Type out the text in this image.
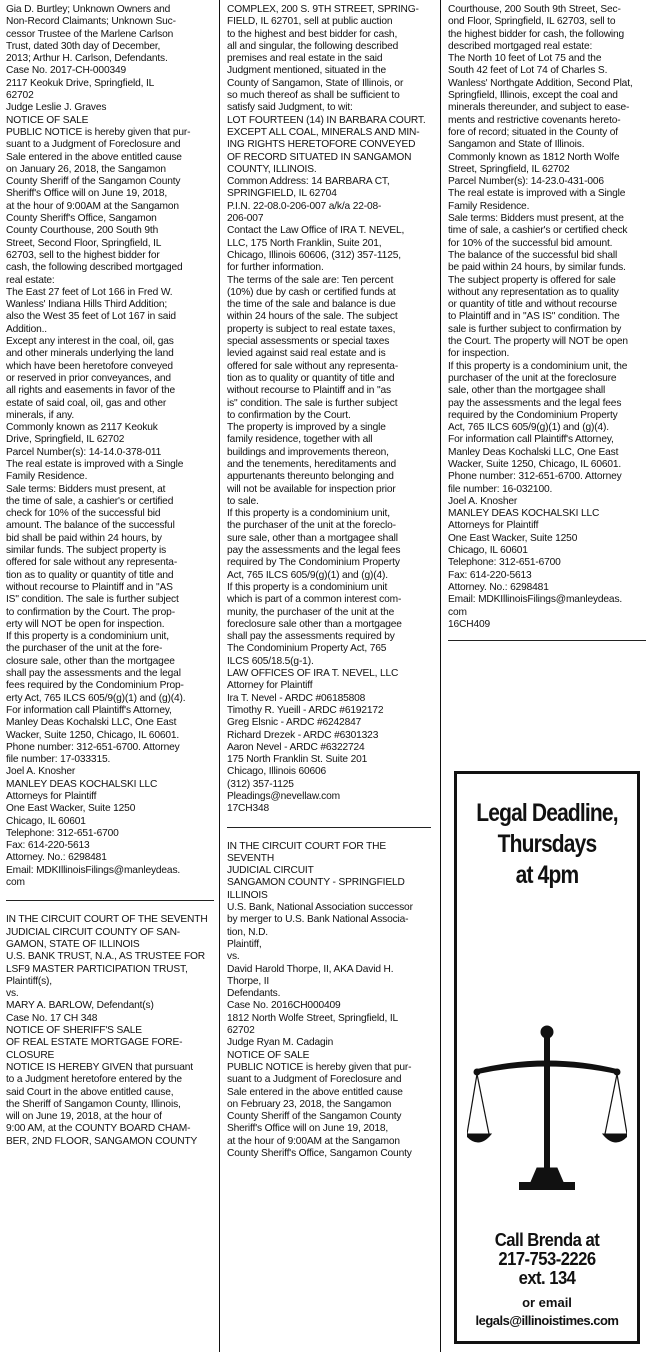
Gia D. Burtley; Unknown Owners and
Non-Record Claimants; Unknown Suc-
cessor Trustee of the Marlene Carlson
Trust, dated 30th day of December,
2013; Arthur H. Carlson, Defendants.
Case No. 2017-CH-000349
2117 Keokuk Drive, Springfield, IL
62702
Judge Leslie J. Graves
NOTICE OF SALE
PUBLIC NOTICE is hereby given that pur-
suant to a Judgment of Foreclosure and
Sale entered in the above entitled cause
on January 26, 2018, the Sangamon
County Sheriff of the Sangamon County
Sheriff's Office will on June 19, 2018,
at the hour of 9:00AM at the Sangamon
County Sheriff's Office, Sangamon
County Courthouse, 200 South 9th
Street, Second Floor, Springfield, IL
62703, sell to the highest bidder for
cash, the following described mortgaged
real estate:
The East 27 feet of Lot 166 in Fred W.
Wanless' Indiana Hills Third Addition;
also the West 35 feet of Lot 167 in said
Addition..
Except any interest in the coal, oil, gas
and other minerals underlying the land
which have been heretofore conveyed
or reserved in prior conveyances, and
all rights and easements in favor of the
estate of said coal, oil, gas and other
minerals, if any.
Commonly known as 2117 Keokuk
Drive, Springfield, IL 62702
Parcel Number(s): 14-14.0-378-011
The real estate is improved with a Single
Family Residence.
Sale terms: Bidders must present, at
the time of sale, a cashier's or certified
check for 10% of the successful bid
amount. The balance of the successful
bid shall be paid within 24 hours, by
similar funds. The subject property is
offered for sale without any representa-
tion as to quality or quantity of title and
without recourse to Plaintiff and in "AS
IS" condition. The sale is further subject
to confirmation by the Court. The prop-
erty will NOT be open for inspection.
If this property is a condominium unit,
the purchaser of the unit at the fore-
closure sale, other than the mortgagee
shall pay the assessments and the legal
fees required by the Condominium Prop-
erty Act, 765 ILCS 605/9(g)(1) and (g)(4).
For information call Plaintiff's Attorney,
Manley Deas Kochalski LLC, One East
Wacker, Suite 1250, Chicago, IL 60601.
Phone number: 312-651-6700. Attorney
file number: 17-033315.
Joel A. Knosher
MANLEY DEAS KOCHALSKI LLC
Attorneys for Plaintiff
One East Wacker, Suite 1250
Chicago, IL 60601
Telephone: 312-651-6700
Fax: 614-220-5613
Attorney. No.: 6298481
Email: MDKIllinoisFilings@manleydeas.
com

IN THE CIRCUIT COURT OF THE SEVENTH
JUDICIAL CIRCUIT COUNTY OF SAN-
GAMON, STATE OF ILLINOIS
U.S. BANK TRUST, N.A., AS TRUSTEE FOR
LSF9 MASTER PARTICIPATION TRUST,
Plaintiff(s),
vs.
MARY A. BARLOW, Defendant(s)
Case No. 17 CH 348
NOTICE OF SHERIFF'S SALE
OF REAL ESTATE MORTGAGE FORE-
CLOSURE
NOTICE IS HEREBY GIVEN that pursuant
to a Judgment heretofore entered by the
said Court in the above entitled cause,
the Sheriff of Sangamon County, Illinois,
will on June 19, 2018, at the hour of
9:00 AM, at the COUNTY BOARD CHAM-
BER, 2ND FLOOR, SANGAMON COUNTY

COMPLEX, 200 S. 9TH STREET, SPRING-
FIELD, IL 62701, sell at public auction
to the highest and best bidder for cash,
all and singular, the following described
premises and real estate in the said
Judgment mentioned, situated in the
County of Sangamon, State of Illinois, or
so much thereof as shall be sufficient to
satisfy said Judgment, to wit:
LOT FOURTEEN (14) IN BARBARA COURT.
EXCEPT ALL COAL, MINERALS AND MIN-
ING RIGHTS HERETOFORE CONVEYED
OF RECORD SITUATED IN SANGAMON
COUNTY, ILLINOIS.
Common Address: 14 BARBARA CT,
SPRINGFIELD, IL 62704
P.I.N. 22-08.0-206-007 a/k/a 22-08-
206-007
Contact the Law Office of IRA T. NEVEL,
LLC, 175 North Franklin, Suite 201,
Chicago, Illinois 60606, (312) 357-1125,
for further information.
The terms of the sale are: Ten percent
(10%) due by cash or certified funds at
the time of the sale and balance is due
within 24 hours of the sale. The subject
property is subject to real estate taxes,
special assessments or special taxes
levied against said real estate and is
offered for sale without any representa-
tion as to quality or quantity of title and
without recourse to Plaintiff and in "as
is" condition. The sale is further subject
to confirmation by the Court.
The property is improved by a single
family residence, together with all
buildings and improvements thereon,
and the tenements, hereditaments and
appurtenants thereunto belonging and
will not be available for inspection prior
to sale.
If this property is a condominium unit,
the purchaser of the unit at the foreclo-
sure sale, other than a mortgagee shall
pay the assessments and the legal fees
required by The Condominium Property
Act, 765 ILCS 605/9(g)(1) and (g)(4).
If this property is a condominium unit
which is part of a common interest com-
munity, the purchaser of the unit at the
foreclosure sale other than a mortgagee
shall pay the assessments required by
The Condominium Property Act, 765
ILCS 605/18.5(g-1).
LAW OFFICES OF IRA T. NEVEL, LLC
Attorney for Plaintiff
Ira T. Nevel - ARDC #06185808
Timothy R. Yueill - ARDC #6192172
Greg Elsnic - ARDC #6242847
Richard Drezek - ARDC #6301323
Aaron Nevel - ARDC #6322724
175 North Franklin St. Suite 201
Chicago, Illinois 60606
(312) 357-1125
Pleadings@nevellaw.com
17CH348

IN THE CIRCUIT COURT FOR THE SEVENTH
JUDICIAL CIRCUIT
SANGAMON COUNTY - SPRINGFIELD
ILLINOIS
U.S. Bank, National Association successor
by merger to U.S. Bank National Associa-
tion, N.D.
Plaintiff,
vs.
David Harold Thorpe, II, AKA David H.
Thorpe, II
Defendants.
Case No. 2016CH000409
1812 North Wolfe Street, Springfield, IL
62702
Judge Ryan M. Cadagin
NOTICE OF SALE
PUBLIC NOTICE is hereby given that pur-
suant to a Judgment of Foreclosure and
Sale entered in the above entitled cause
on February 23, 2018, the Sangamon
County Sheriff of the Sangamon County
Sheriff's Office will on June 19, 2018,
at the hour of 9:00AM at the Sangamon
County Sheriff's Office, Sangamon County

Courthouse, 200 South 9th Street, Sec-
ond Floor, Springfield, IL 62703, sell to
the highest bidder for cash, the following
described mortgaged real estate:
The North 10 feet of Lot 75 and the
South 42 feet of Lot 74 of Charles S.
Wanless' Northgate Addition, Second Plat,
Springfield, Illinois, except the coal and
minerals thereunder, and subject to ease-
ments and restrictive covenants hereto-
fore of record; situated in the County of
Sangamon and State of Illinois.
Commonly known as 1812 North Wolfe
Street, Springfield, IL 62702
Parcel Number(s): 14-23.0-431-006
The real estate is improved with a Single
Family Residence.
Sale terms: Bidders must present, at the
time of sale, a cashier's or certified check
for 10% of the successful bid amount.
The balance of the successful bid shall
be paid within 24 hours, by similar funds.
The subject property is offered for sale
without any representation as to quality
or quantity of title and without recourse
to Plaintiff and in "AS IS" condition. The
sale is further subject to confirmation by
the Court. The property will NOT be open
for inspection.
If this property is a condominium unit, the
purchaser of the unit at the foreclosure
sale, other than the mortgagee shall
pay the assessments and the legal fees
required by the Condominium Property
Act, 765 ILCS 605/9(g)(1) and (g)(4).
For information call Plaintiff's Attorney,
Manley Deas Kochalski LLC, One East
Wacker, Suite 1250, Chicago, IL 60601.
Phone number: 312-651-6700. Attorney
file number: 16-032100.
Joel A. Knosher
MANLEY DEAS KOCHALSKI LLC
Attorneys for Plaintiff
One East Wacker, Suite 1250
Chicago, IL 60601
Telephone: 312-651-6700
Fax: 614-220-5613
Attorney. No.: 6298481
Email: MDKIllinoisFilings@manleydeas.
com
16CH409

Legal Deadline,
Thursdays
at 4pm
Call Brenda at
217-753-2226
ext. 134
or email
legals@illinoistimes.com
